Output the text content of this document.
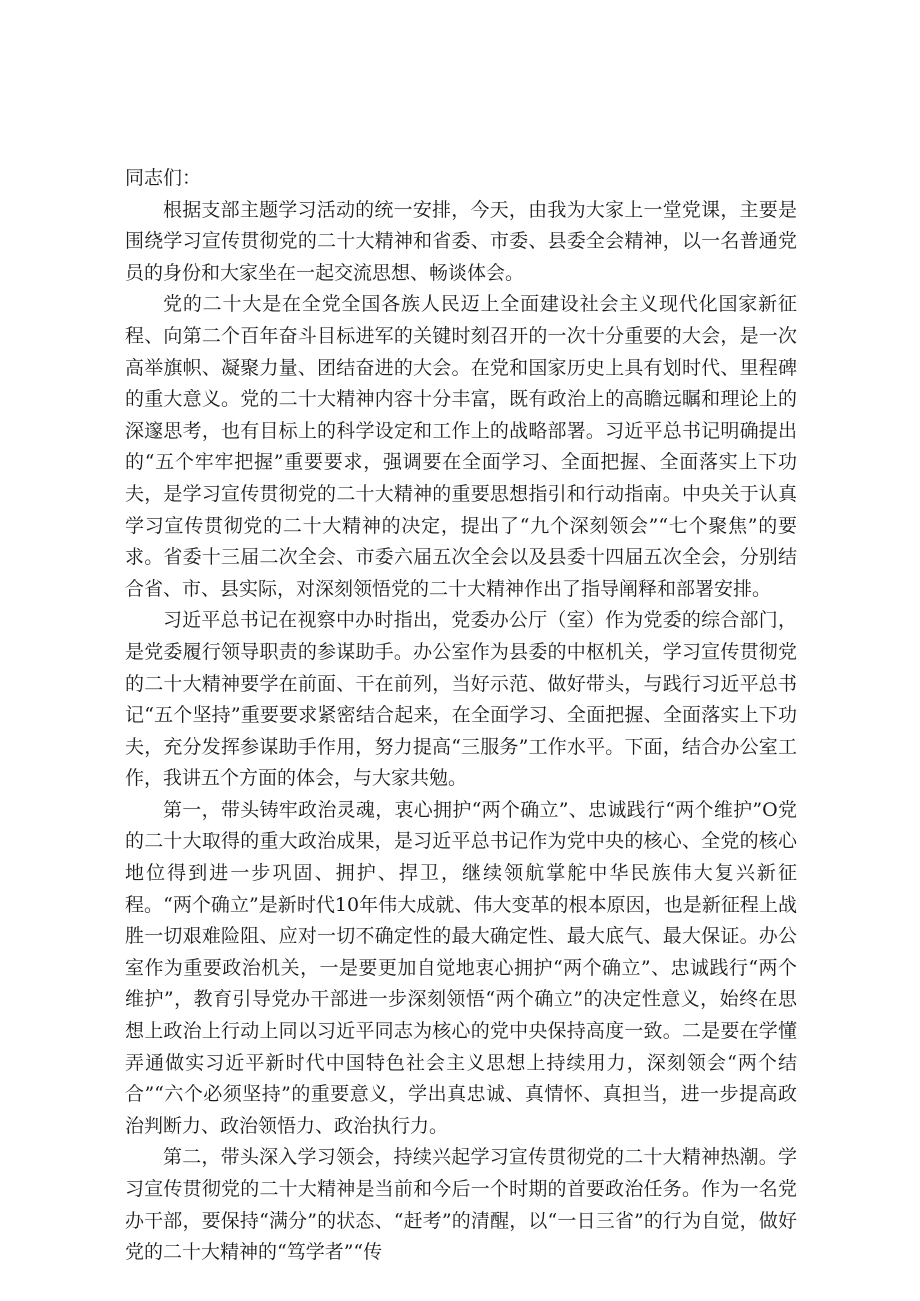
同志们：

根据支部主题学习活动的统一安排，今天，由我为大家上一堂党课，主要是围绕学习宣传贯彻党的二十大精神和省委、市委、县委全会精神，以一名普通党员的身份和大家坐在一起交流思想、畅谈体会。

党的二十大是在全党全国各族人民迈上全面建设社会主义现代化国家新征程、向第二个百年奋斗目标进军的关键时刻召开的一次十分重要的大会，是一次高举旗帜、凝聚力量、团结奋进的大会。在党和国家历史上具有划时代、里程碑的重大意义。党的二十大精神内容十分丰富，既有政治上的高瞻远瞩和理论上的深邃思考，也有目标上的科学设定和工作上的战略部署。习近平总书记明确提出的“五个牢牢把握”重要要求，强调要在全面学习、全面把握、全面落实上下功夫，是学习宣传贯彻党的二十大精神的重要思想指引和行动指南。中央关于认真学习宣传贯彻党的二十大精神的决定，提出了“九个深刻领会”“七个聚焦”的要求。省委十三届二次全会、市委六届五次全会以及县委十四届五次全会，分别结合省、市、县实际，对深刻领悟党的二十大精神作出了指导阐释和部署安排。

习近平总书记在视察中办时指出，党委办公厅（室）作为党委的综合部门，是党委履行领导职责的参谋助手。办公室作为县委的中枢机关，学习宣传贯彻党的二十大精神要学在前面、干在前列，当好示范、做好带头，与践行习近平总书记“五个坚持”重要要求紧密结合起来，在全面学习、全面把握、全面落实上下功夫，充分发挥参谋助手作用，努力提高“三服务”工作水平。下面，结合办公室工作，我讲五个方面的体会，与大家共勉。

第一，带头铸牢政治灵魂，衷心拥护“两个确立”、忠诚践行“两个维护”O党的二十大取得的重大政治成果，是习近平总书记作为党中央的核心、全党的核心地位得到进一步巩固、拥护、捍卫，继续领航掌舵中华民族伟大复兴新征程。“两个确立”是新时代10年伟大成就、伟大变革的根本原因，也是新征程上战胜一切艰难险阻、应对一切不确定性的最大确定性、最大底气、最大保证。办公室作为重要政治机关，一是要更加自觉地衷心拥护“两个确立”、忠诚践行“两个维护”，教育引导党办干部进一步深刻领悟“两个确立”的决定性意义，始终在思想上政治上行动上同以习近平同志为核心的党中央保持高度一致。二是要在学懂弄通做实习近平新时代中国特色社会主义思想上持续用力，深刻领会“两个结合”“六个必须坚持”的重要意义，学出真忠诚、真情怀、真担当，进一步提高政治判断力、政治领悟力、政治执行力。

第二，带头深入学习领会，持续兴起学习宣传贯彻党的二十大精神热潮。学习宣传贯彻党的二十大精神是当前和今后一个时期的首要政治任务。作为一名党办干部，要保持“满分”的状态、“赶考”的清醒，以“一日三省”的行为自觉，做好党的二十大精神的“笃学者”“传
